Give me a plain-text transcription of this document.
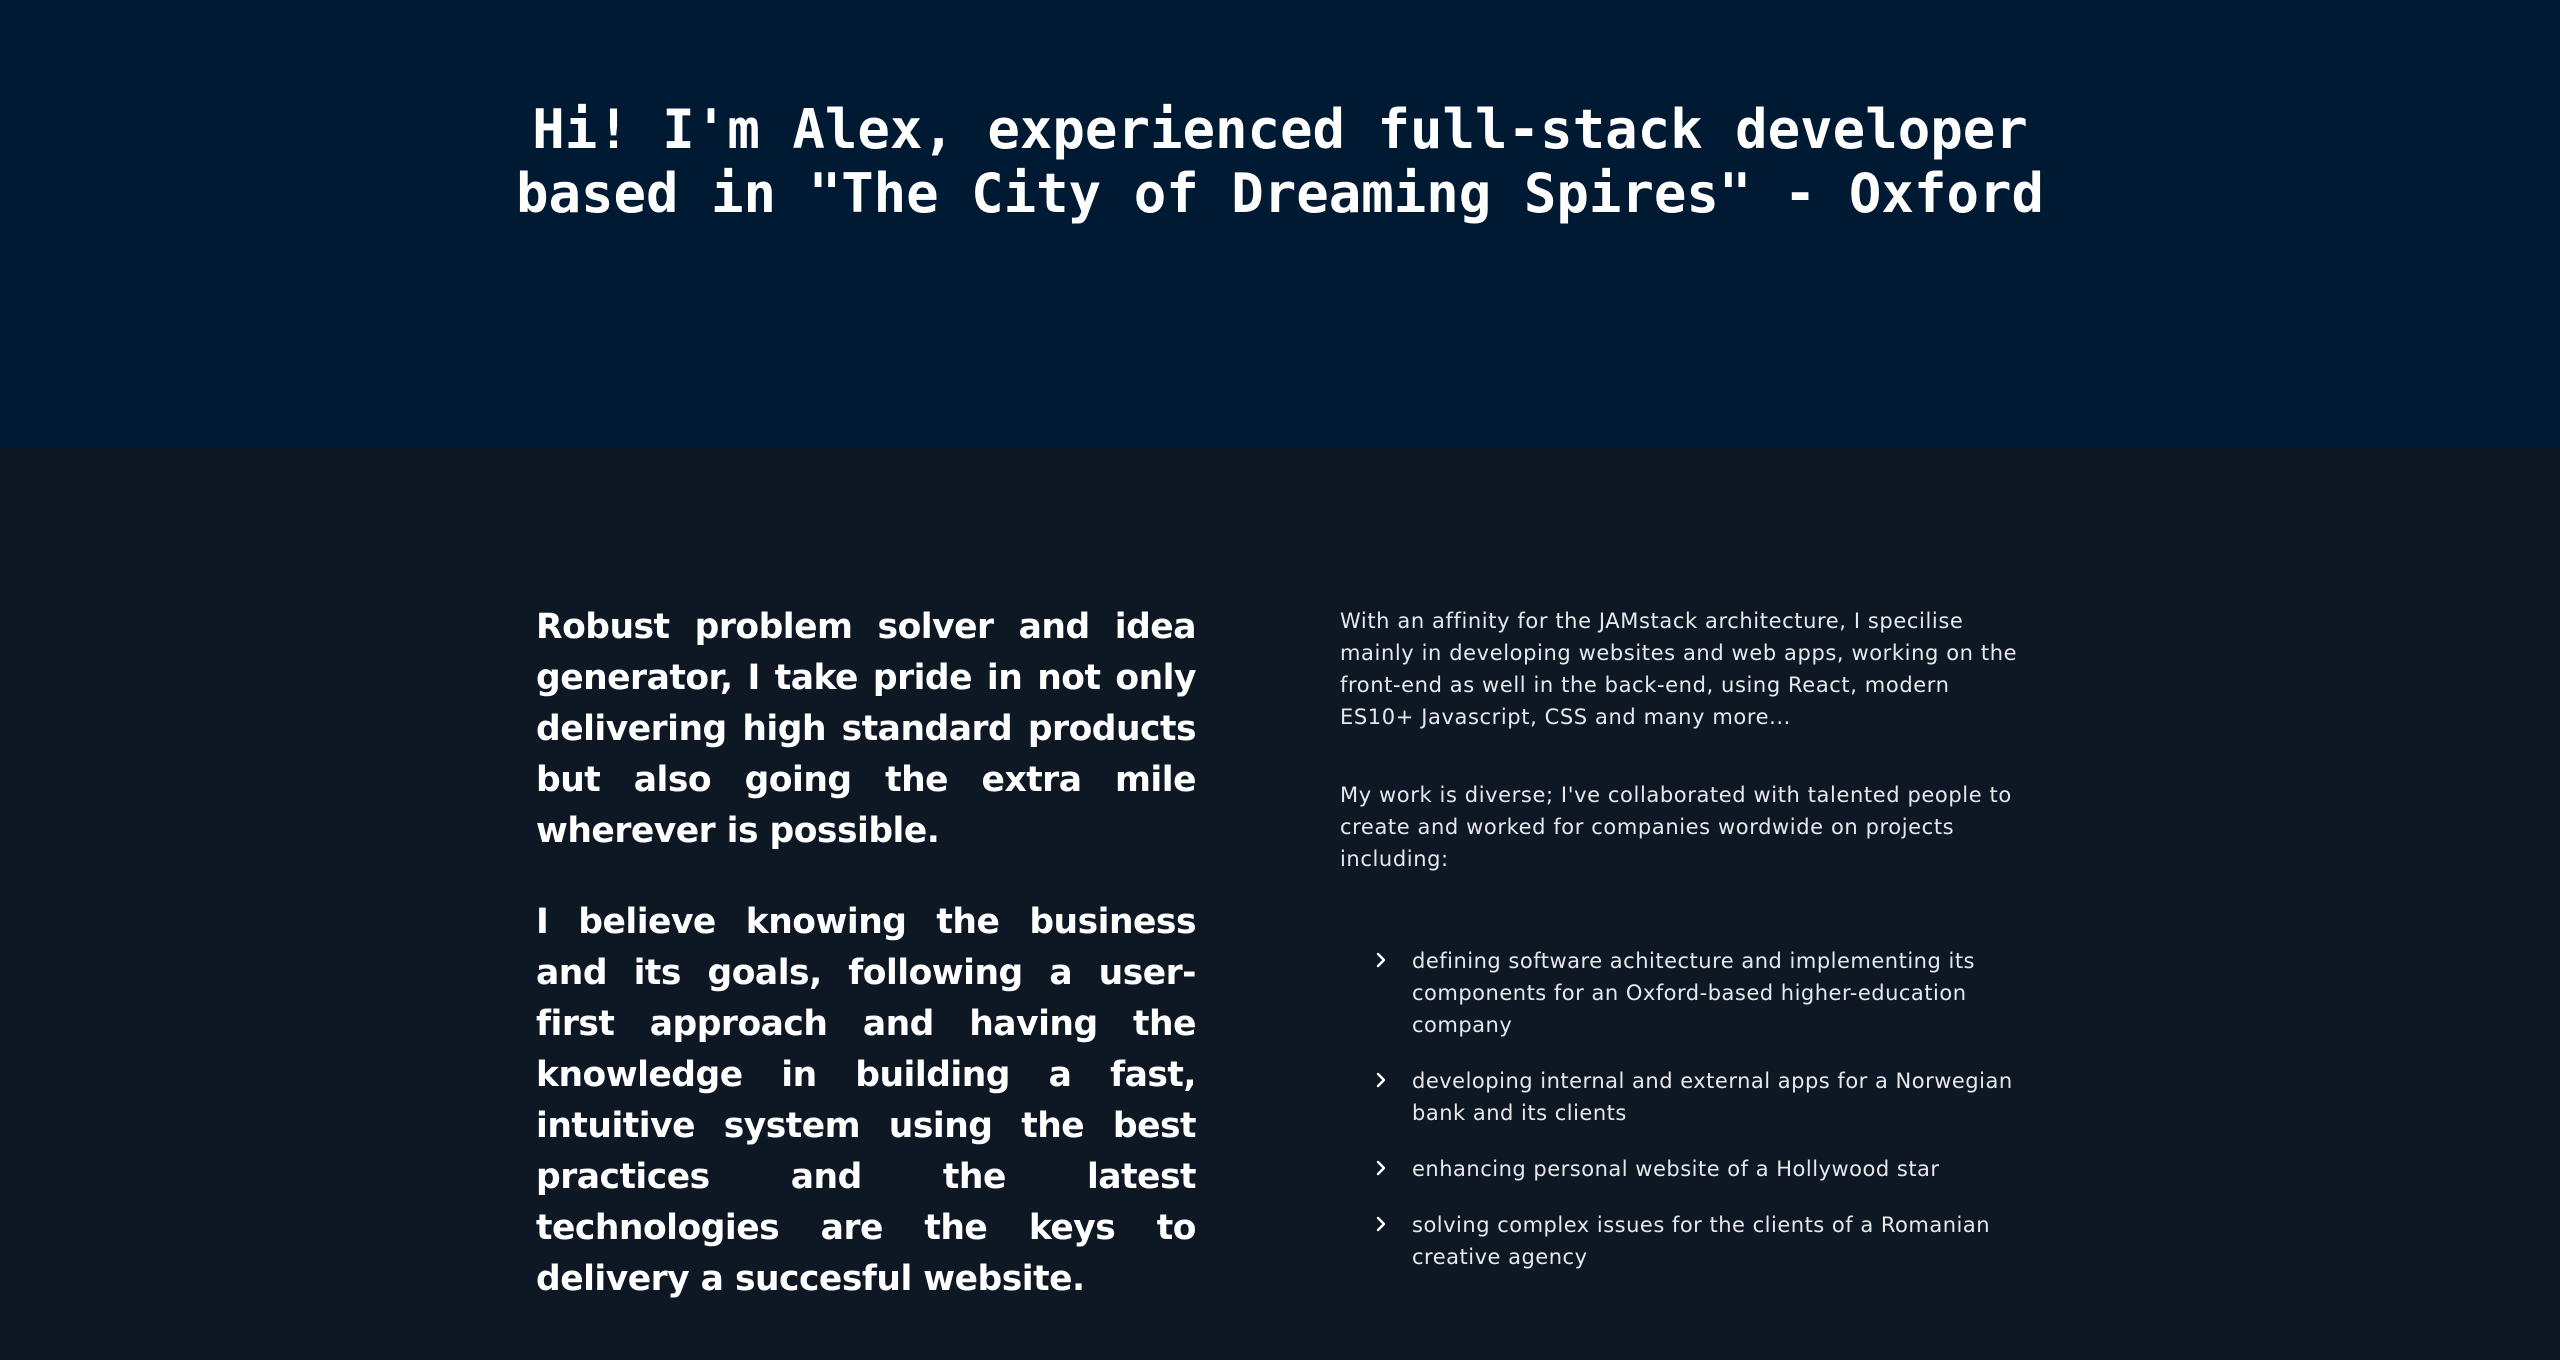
Hi! I'm Alex, experienced full-stack developer based in "The City of Dreaming Spires" - Oxford

Robust problem solver and idea generator, I take pride in not only delivering high standard products but also going the extra mile wherever is possible.

I believe knowing the business and its goals, following a user-first approach and having the knowledge in building a fast, intuitive system using the best practices and the latest technologies are the keys to delivery a succesful website.

With an affinity for the JAMstack architecture, I specilise mainly in developing websites and web apps, working on the front-end as well in the back-end, using React, modern ES10+ Javascript, CSS and many more...

My work is diverse; I've collaborated with talented people to create and worked for companies wordwide on projects including:

defining software achitecture and implementing its components for an Oxford-based higher-education company
developing internal and external apps for a Norwegian bank and its clients
enhancing personal website of a Hollywood star
solving complex issues for the clients of a Romanian creative agency
